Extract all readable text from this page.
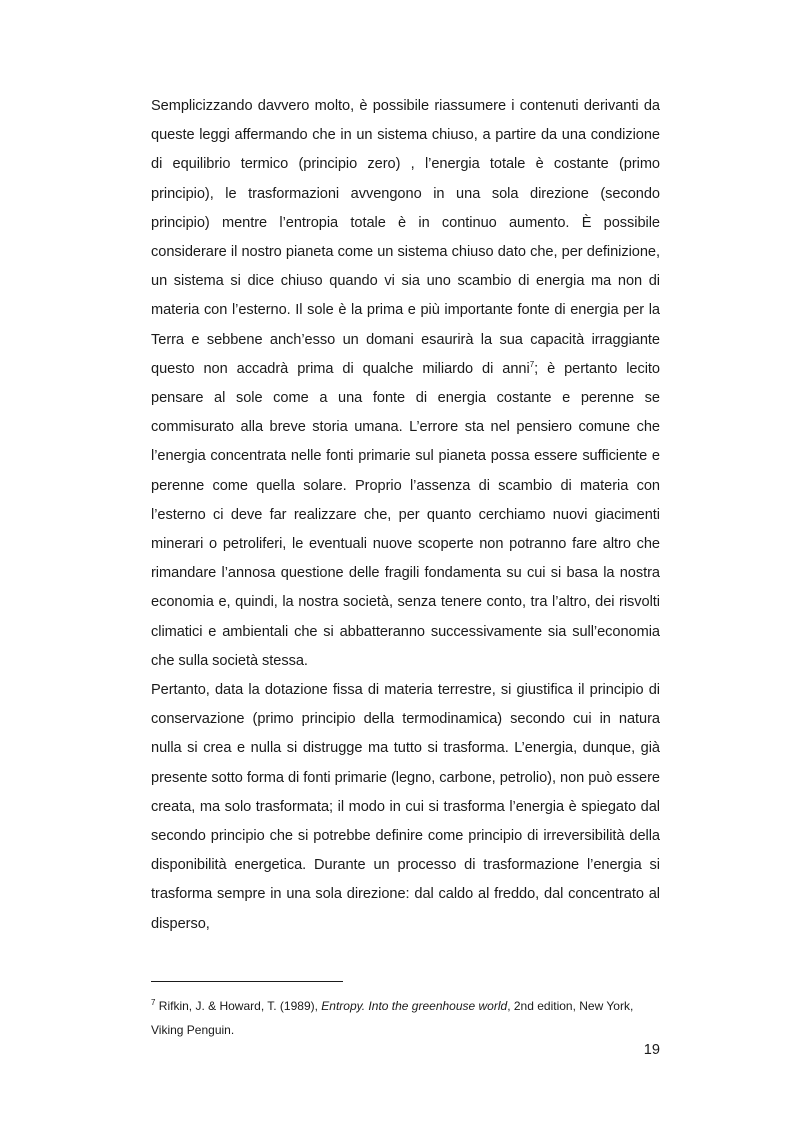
Semplicizzando davvero molto, è possibile riassumere i contenuti derivanti da queste leggi affermando che in un sistema chiuso, a partire da una condizione di equilibrio termico (principio zero) , l’energia totale è costante (primo principio), le trasformazioni avvengono in una sola direzione (secondo principio) mentre l’entropia totale è in continuo aumento. È possibile considerare il nostro pianeta come un sistema chiuso dato che, per definizione, un sistema si dice chiuso quando vi sia uno scambio di energia ma non di materia con l’esterno. Il sole è la prima e più importante fonte di energia per la Terra e sebbene anch’esso un domani esaurirà la sua capacità irraggiante questo non accadrà prima di qualche miliardo di anni$^7$; è pertanto lecito pensare al sole come a una fonte di energia costante e perenne se commisurato alla breve storia umana. L’errore sta nel pensiero comune che l’energia concentrata nelle fonti primarie sul pianeta possa essere sufficiente e perenne come quella solare. Proprio l’assenza di scambio di materia con l’esterno ci deve far realizzare che, per quanto cerchiamo nuovi giacimenti minerari o petroliferi, le eventuali nuove scoperte non potranno fare altro che rimandare l’annosa questione delle fragili fondamenta su cui si basa la nostra economia e, quindi, la nostra società, senza tenere conto, tra l’altro, dei risvolti climatici e ambientali che si abbatteranno successivamente sia sull’economia che sulla società stessa.

Pertanto, data la dotazione fissa di materia terrestre, si giustifica il principio di conservazione (primo principio della termodinamica) secondo cui in natura nulla si crea e nulla si distrugge ma tutto si trasforma. L’energia, dunque, già presente sotto forma di fonti primarie (legno, carbone, petrolio), non può essere creata, ma solo trasformata; il modo in cui si trasforma l’energia è spiegato dal secondo principio che si potrebbe definire come principio di irreversibilità della disponibilità energetica. Durante un processo di trasformazione l’energia si trasforma sempre in una sola direzione: dal caldo al freddo, dal concentrato al disperso,

$^7$ Rifkin, J. & Howard, T. (1989), Entropy. Into the greenhouse world, 2nd edition, New York, Viking Penguin.
19
